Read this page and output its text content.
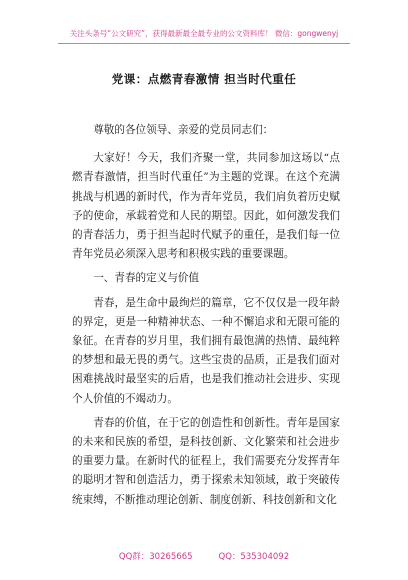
关注头条号“公文研究”，获得最新最全最专业的公文资料库！ 微信：gongwenyj
党课：点燃青春激情 担当时代重任

尊敬的各位领导、亲爱的党员同志们：

大家好！今天，我们齐聚一堂，共同参加这场以“点燃青春激情，担当时代重任”为主题的党课。在这个充满挑战与机遇的新时代，作为青年党员，我们肩负着历史赋予的使命，承载着党和人民的期望。因此，如何激发我们的青春活力，勇于担当起时代赋予的重任，是我们每一位青年党员必须深入思考和积极实践的重要课题。

一、青春的定义与价值

青春，是生命中最绚烂的篇章，它不仅仅是一段年龄的界定，更是一种精神状态、一种不懈追求和无限可能的象征。在青春的岁月里，我们拥有最饱满的热情、最纯粹的梦想和最无畏的勇气。这些宝贵的品质，正是我们面对困难挑战时最坚实的后盾，也是我们推动社会进步、实现个人价值的不竭动力。

青春的价值，在于它的创造性和创新性。青年是国家的未来和民族的希望，是科技创新、文化繁荣和社会进步的重要力量。在新时代的征程上，我们需要充分发挥青年的聪明才智和创造活力，勇于探索未知领域，敢于突破传统束缚，不断推动理论创新、制度创新、科技创新和文化

QQ群：30265665	QQ：535304092
